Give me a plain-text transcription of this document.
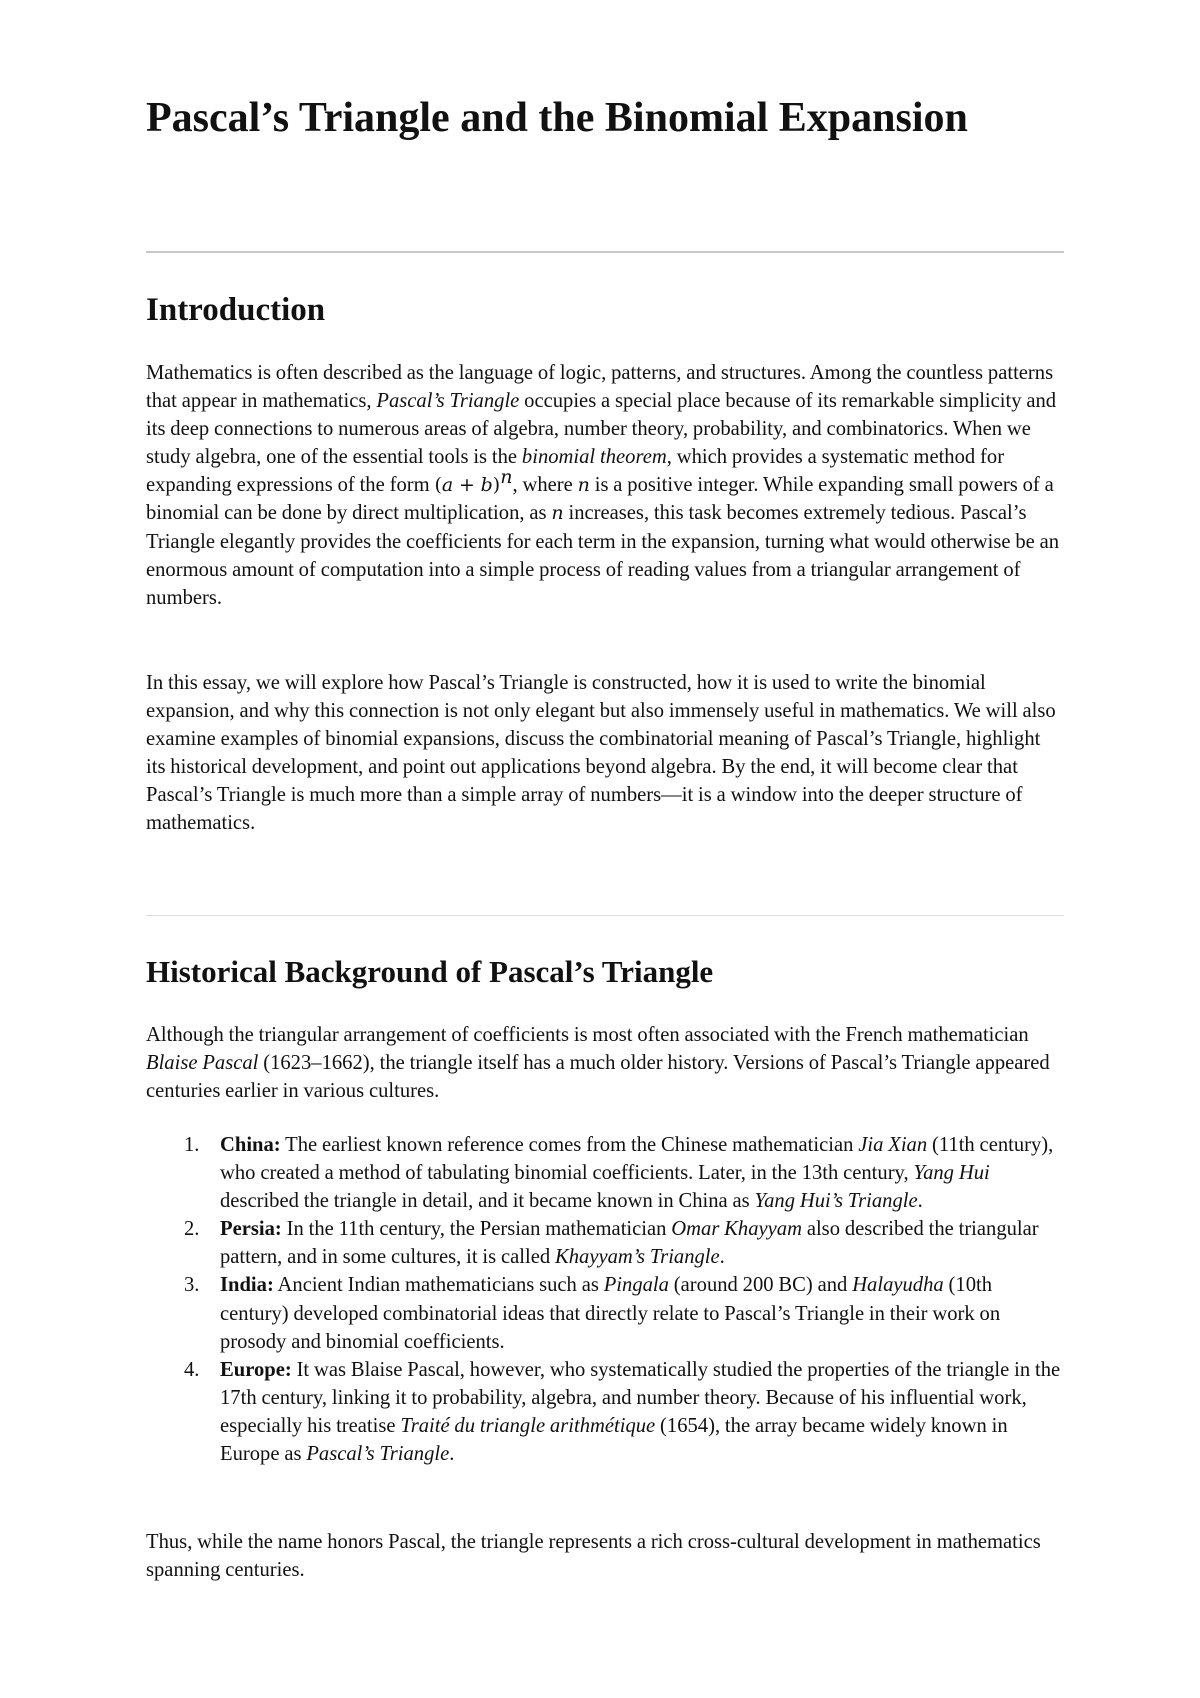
Pascal’s Triangle and the Binomial Expansion
Introduction

Mathematics is often described as the language of logic, patterns, and structures. Among the countless patterns that appear in mathematics, Pascal’s Triangle occupies a special place because of its remarkable simplicity and its deep connections to numerous areas of algebra, number theory, probability, and combinatorics. When we study algebra, one of the essential tools is the binomial theorem, which provides a systematic method for expanding expressions of the form $(a + b)^n$, where n is a positive integer. While expanding small powers of a binomial can be done by direct multiplication, as n increases, this task becomes extremely tedious. Pascal’s Triangle elegantly provides the coefficients for each term in the expansion, turning what would otherwise be an enormous amount of computation into a simple process of reading values from a triangular arrangement of numbers.

In this essay, we will explore how Pascal’s Triangle is constructed, how it is used to write the binomial expansion, and why this connection is not only elegant but also immensely useful in mathematics. We will also examine examples of binomial expansions, discuss the combinatorial meaning of Pascal’s Triangle, highlight its historical development, and point out applications beyond algebra. By the end, it will become clear that Pascal’s Triangle is much more than a simple array of numbers—it is a window into the deeper structure of mathematics.

Historical Background of Pascal’s Triangle

Although the triangular arrangement of coefficients is most often associated with the French mathematician Blaise Pascal (1623–1662), the triangle itself has a much older history. Versions of Pascal’s Triangle appeared centuries earlier in various cultures.

1. China: The earliest known reference comes from the Chinese mathematician Jia Xian (11th century), who created a method of tabulating binomial coefficients. Later, in the 13th century, Yang Hui described the triangle in detail, and it became known in China as Yang Hui’s Triangle.
2. Persia: In the 11th century, the Persian mathematician Omar Khayyam also described the triangular pattern, and in some cultures, it is called Khayyam’s Triangle.
3. India: Ancient Indian mathematicians such as Pingala (around 200 BC) and Halayudha (10th century) developed combinatorial ideas that directly relate to Pascal’s Triangle in their work on prosody and binomial coefficients.
4. Europe: It was Blaise Pascal, however, who systematically studied the properties of the triangle in the 17th century, linking it to probability, algebra, and number theory. Because of his influential work, especially his treatise Traité du triangle arithmétique (1654), the array became widely known in Europe as Pascal’s Triangle.

Thus, while the name honors Pascal, the triangle represents a rich cross-cultural development in mathematics spanning centuries.
